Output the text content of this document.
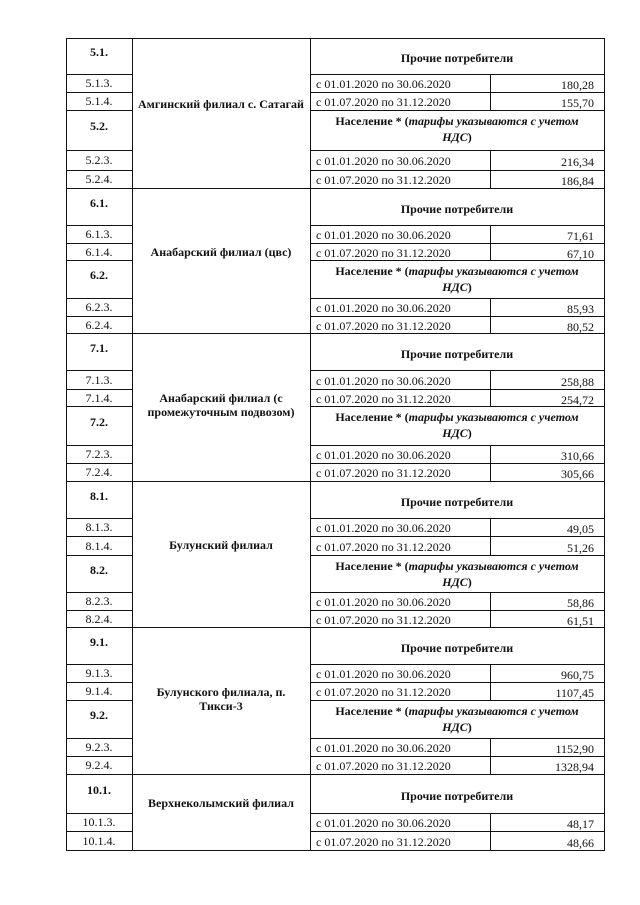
Амгинский филиал с. Сатагай
5.1.	Прочие потребители
5.1.3.	с 01.01.2020 по 30.06.2020	180,28
5.1.4.	с 01.07.2020 по 31.12.2020	155,70
5.2.	Население * (тарифы указываются с учетом
НДС)
5.2.3.	с 01.01.2020 по 30.06.2020	216,34
5.2.4.	с 01.07.2020 по 31.12.2020	186,84
Анабарский филиал (цвс)
6.1.	Прочие потребители
6.1.3.	с 01.01.2020 по 30.06.2020	71,61
6.1.4.	с 01.07.2020 по 31.12.2020	67,10
6.2.	Население * (тарифы указываются с учетом
НДС)
6.2.3.	с 01.01.2020 по 30.06.2020	85,93
6.2.4.	с 01.07.2020 по 31.12.2020	80,52
Анабарский филиал (с промежуточным подвозом)
7.1.	Прочие потребители
7.1.3.	с 01.01.2020 по 30.06.2020	258,88
7.1.4.	с 01.07.2020 по 31.12.2020	254,72
7.2.	Население * (тарифы указываются с учетом
НДС)
7.2.3.	с 01.01.2020 по 30.06.2020	310,66
7.2.4.	с 01.07.2020 по 31.12.2020	305,66
Булунский филиал
8.1.	Прочие потребители
8.1.3.	с 01.01.2020 по 30.06.2020	49,05
8.1.4.	с 01.07.2020 по 31.12.2020	51,26
8.2.	Население * (тарифы указываются с учетом
НДС)
8.2.3.	с 01.01.2020 по 30.06.2020	58,86
8.2.4.	с 01.07.2020 по 31.12.2020	61,51
Булунского филиала, п. Тикси-3
9.1.	Прочие потребители
9.1.3.	с 01.01.2020 по 30.06.2020	960,75
9.1.4.	с 01.07.2020 по 31.12.2020	1107,45
9.2.	Население * (тарифы указываются с учетом
НДС)
9.2.3.	с 01.01.2020 по 30.06.2020	1152,90
9.2.4.	с 01.07.2020 по 31.12.2020	1328,94
Верхнеколымский филиал
10.1.	Прочие потребители
10.1.3.	с 01.01.2020 по 30.06.2020	48,17
10.1.4.	с 01.07.2020 по 31.12.2020	48,66
